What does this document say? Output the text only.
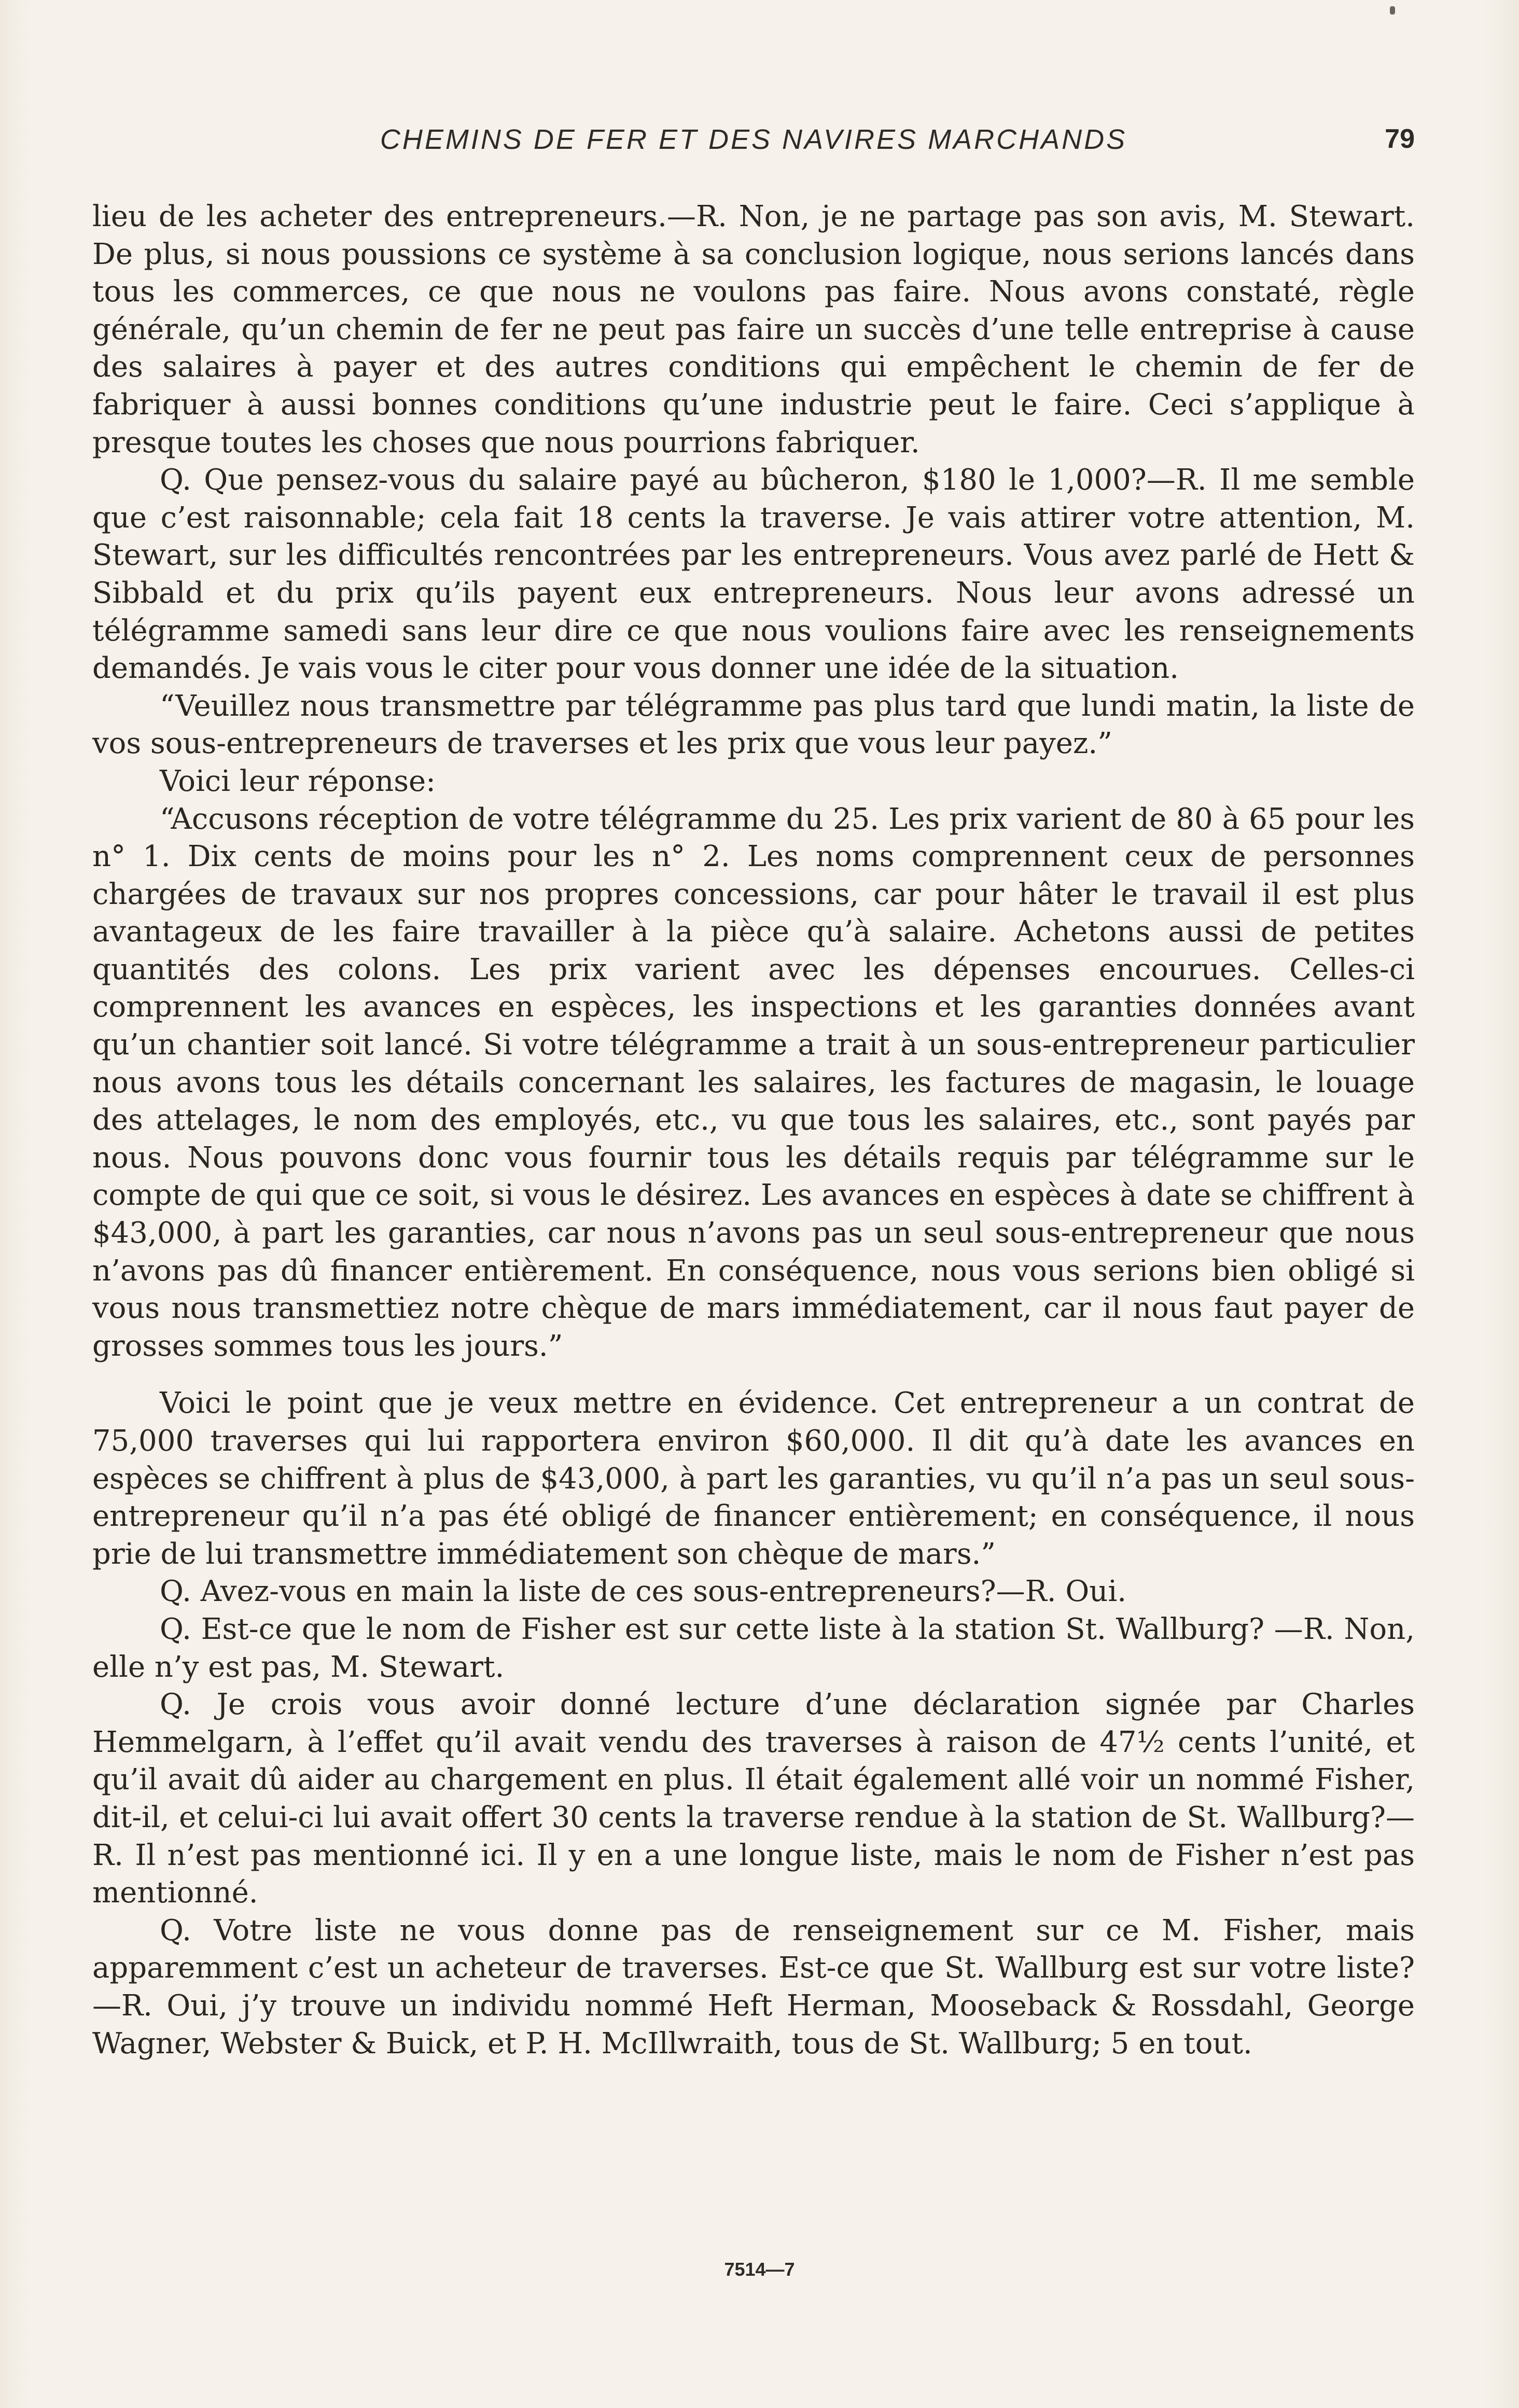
CHEMINS DE FER ET DES NAVIRES MARCHANDS	79

lieu de les acheter des entrepreneurs.—R. Non, je ne partage pas son avis, M. Stewart. De plus, si nous poussions ce système à sa conclusion logique, nous serions lancés dans tous les commerces, ce que nous ne voulons pas faire. Nous avons constaté, règle générale, qu’un chemin de fer ne peut pas faire un succès d’une telle entreprise à cause des salaires à payer et des autres conditions qui empêchent le chemin de fer de fabriquer à aussi bonnes conditions qu’une industrie peut le faire. Ceci s’applique à presque toutes les choses que nous pourrions fabriquer.

Q. Que pensez-vous du salaire payé au bûcheron, $180 le 1,000?—R. Il me semble que c’est raisonnable; cela fait 18 cents la traverse. Je vais attirer votre attention, M. Stewart, sur les difficultés rencontrées par les entrepreneurs. Vous avez parlé de Hett & Sibbald et du prix qu’ils payent eux entrepreneurs. Nous leur avons adressé un télégramme samedi sans leur dire ce que nous voulions faire avec les renseignements demandés. Je vais vous le citer pour vous donner une idée de la situation.

“Veuillez nous transmettre par télégramme pas plus tard que lundi matin, la liste de vos sous-entrepreneurs de traverses et les prix que vous leur payez.”

Voici leur réponse:

“Accusons réception de votre télégramme du 25. Les prix varient de 80 à 65 pour les n° 1. Dix cents de moins pour les n° 2. Les noms comprennent ceux de personnes chargées de travaux sur nos propres concessions, car pour hâter le travail il est plus avantageux de les faire travailler à la pièce qu’à salaire. Achetons aussi de petites quantités des colons. Les prix varient avec les dépenses encourues. Celles-ci comprennent les avances en espèces, les inspections et les garanties données avant qu’un chantier soit lancé. Si votre télégramme a trait à un sous-entrepreneur particulier nous avons tous les détails concernant les salaires, les factures de magasin, le louage des attelages, le nom des employés, etc., vu que tous les salaires, etc., sont payés par nous. Nous pouvons donc vous fournir tous les détails requis par télégramme sur le compte de qui que ce soit, si vous le désirez. Les avances en espèces à date se chiffrent à $43,000, à part les garanties, car nous n’avons pas un seul sous-entrepreneur que nous n’avons pas dû financer entièrement. En conséquence, nous vous serions bien obligé si vous nous transmettiez notre chèque de mars immédiatement, car il nous faut payer de grosses sommes tous les jours.”

Voici le point que je veux mettre en évidence. Cet entrepreneur a un contrat de 75,000 traverses qui lui rapportera environ $60,000. Il dit qu’à date les avances en espèces se chiffrent à plus de $43,000, à part les garanties, vu qu’il n’a pas un seul sous-entrepreneur qu’il n’a pas été obligé de financer entièrement; en conséquence, il nous prie de lui transmettre immédiatement son chèque de mars.”

Q. Avez-vous en main la liste de ces sous-entrepreneurs?—R. Oui.

Q. Est-ce que le nom de Fisher est sur cette liste à la station St. Wallburg? —R. Non, elle n’y est pas, M. Stewart.

Q. Je crois vous avoir donné lecture d’une déclaration signée par Charles Hemmelgarn, à l’effet qu’il avait vendu des traverses à raison de 47½ cents l’unité, et qu’il avait dû aider au chargement en plus. Il était également allé voir un nommé Fisher, dit-il, et celui-ci lui avait offert 30 cents la traverse rendue à la station de St. Wallburg?—R. Il n’est pas mentionné ici. Il y en a une longue liste, mais le nom de Fisher n’est pas mentionné.

Q. Votre liste ne vous donne pas de renseignement sur ce M. Fisher, mais apparemment c’est un acheteur de traverses. Est-ce que St. Wallburg est sur votre liste?—R. Oui, j’y trouve un individu nommé Heft Herman, Mooseback & Rossdahl, George Wagner, Webster & Buick, et P. H. McIllwraith, tous de St. Wallburg; 5 en tout.

7514—7
